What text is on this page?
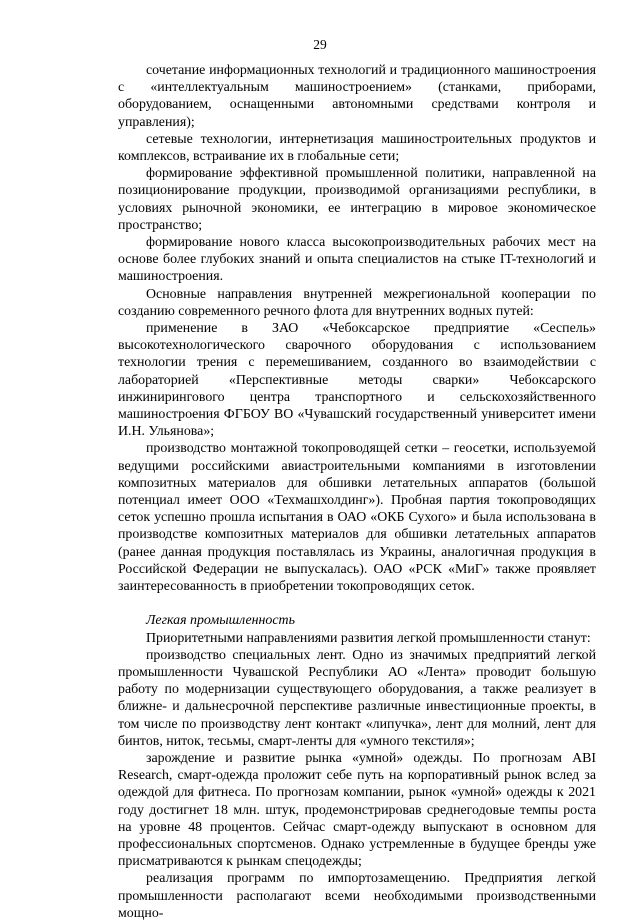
29

сочетание информационных технологий и традиционного машиностроения с «интеллектуальным машиностроением» (станками, приборами, оборудованием, оснащенными автономными средствами контроля и управления);

сетевые технологии, интернетизация машиностроительных продуктов и комплексов, встраивание их в глобальные сети;

формирование эффективной промышленной политики, направленной на позиционирование продукции, производимой организациями республики, в условиях рыночной экономики, ее интеграцию в мировое экономическое пространство;

формирование нового класса высокопроизводительных рабочих мест на основе более глубоких знаний и опыта специалистов на стыке IT-технологий и машиностроения.

Основные направления внутренней межрегиональной кооперации по созданию современного речного флота для внутренних водных путей:

применение в ЗАО «Чебоксарское предприятие «Сеспель» высокотехнологического сварочного оборудования с использованием технологии трения с перемешиванием, созданного во взаимодействии с лабораторией «Перспективные методы сварки» Чебоксарского инжинирингового центра транспортного и сельскохозяйственного машиностроения ФГБОУ ВО «Чувашский государственный университет имени И.Н. Ульянова»;

производство монтажной токопроводящей сетки – геосетки, используемой ведущими российскими авиастроительными компаниями в изготовлении композитных материалов для обшивки летательных аппаратов (большой потенциал имеет ООО «Техмашхолдинг»). Пробная партия токопроводящих сеток успешно прошла испытания в ОАО «ОКБ Сухого» и была использована в производстве композитных материалов для обшивки летательных аппаратов (ранее данная продукция поставлялась из Украины, аналогичная продукция в Российской Федерации не выпускалась). ОАО «РСК «МиГ» также проявляет заинтересованность в приобретении токопроводящих сеток.

Легкая промышленность

Приоритетными направлениями развития легкой промышленности станут:

производство специальных лент. Одно из значимых предприятий легкой промышленности Чувашской Республики АО «Лента» проводит большую работу по модернизации существующего оборудования, а также реализует в ближне- и дальнесрочной перспективе различные инвестиционные проекты, в том числе по производству лент контакт «липучка», лент для молний, лент для бинтов, ниток, тесьмы, смарт-ленты для «умного текстиля»;

зарождение и развитие рынка «умной» одежды. По прогнозам ABI Research, смарт-одежда проложит себе путь на корпоративный рынок вслед за одеждой для фитнеса. По прогнозам компании, рынок «умной» одежды к 2021 году достигнет 18 млн. штук, продемонстрировав среднегодовые темпы роста на уровне 48 процентов. Сейчас смарт-одежду выпускают в основном для профессиональных спортсменов. Однако устремленные в будущее бренды уже присматриваются к рынкам спецодежды;

реализация программ по импортозамещению. Предприятия легкой промышленности располагают всеми необходимыми производственными мощно-
